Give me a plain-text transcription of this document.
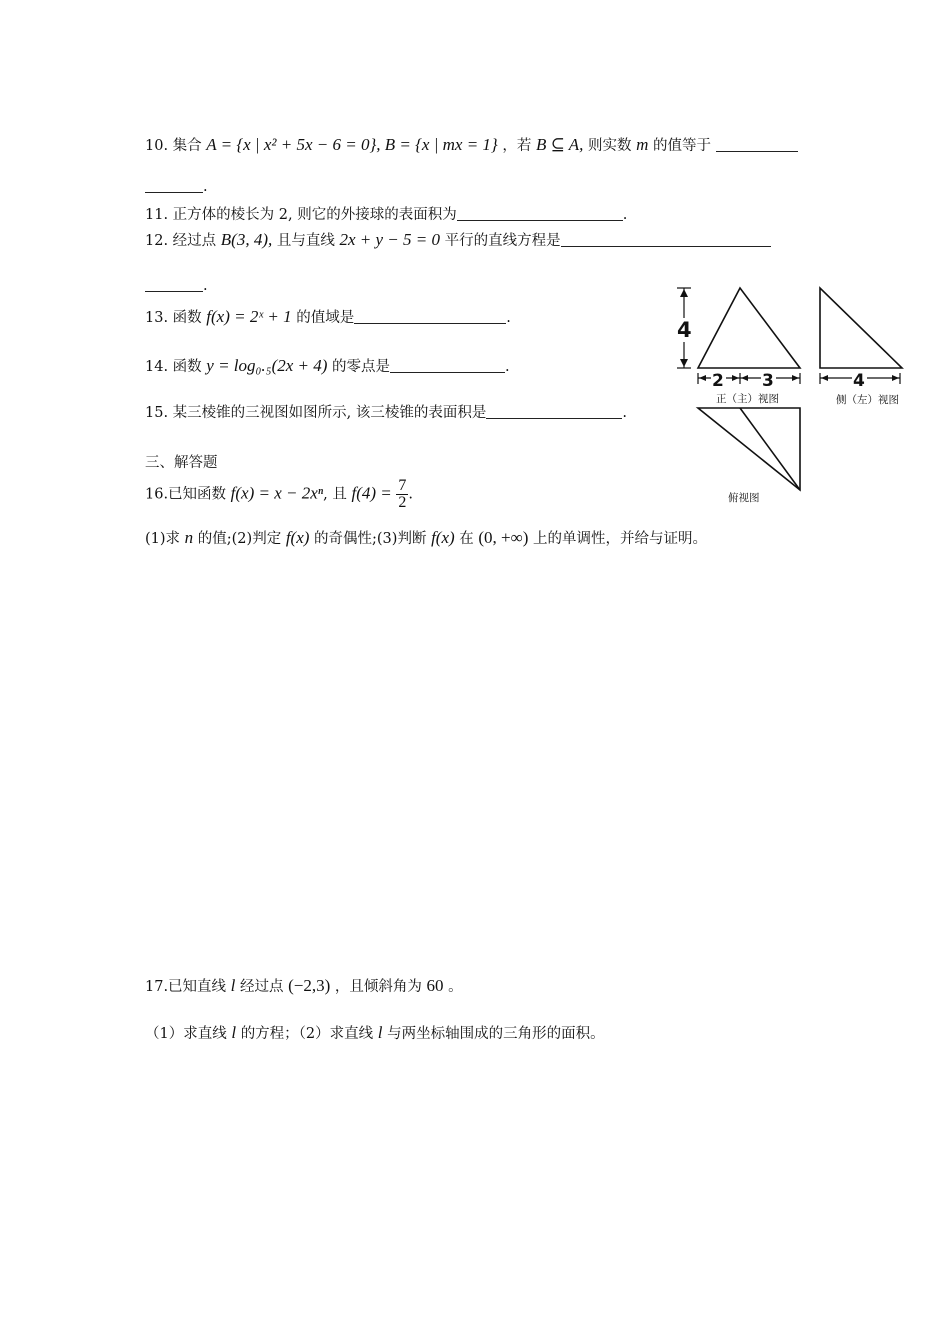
10. 集合 A = {x | x² + 5x − 6 = 0}, B = {x | mx = 1} ，若 B ⊆ A, 则实数 m 的值等于
.
11. 正方体的棱长为 2, 则它的外接球的表面积为	.
12. 经过点 B(3, 4), 且与直线 2x + y − 5 = 0 平行的直线方程是
.
13. 函数 f(x) = 2ˣ + 1 的值域是	.
14. 函数 y = log₀.₅(2x + 4) 的零点是	.
15. 某三棱锥的三视图如图所示, 该三棱锥的表面积是	.
三、解答题
16.已知函数 f(x) = x − 2xⁿ, 且 $f(4) = \frac{7}{2}$ .
(1)求 n 的值;(2)判定 f(x) 的奇偶性;(3)判断 f(x) 在 (0, +∞) 上的单调性，并给与证明。
17.已知直线 l 经过点 (−2,3) ，且倾斜角为 60 。
（1）求直线 l 的方程；（2）求直线 l 与两坐标轴围成的三角形的面积。
4
2 3
正（主）视图
4
侧（左）视图
俯视图
